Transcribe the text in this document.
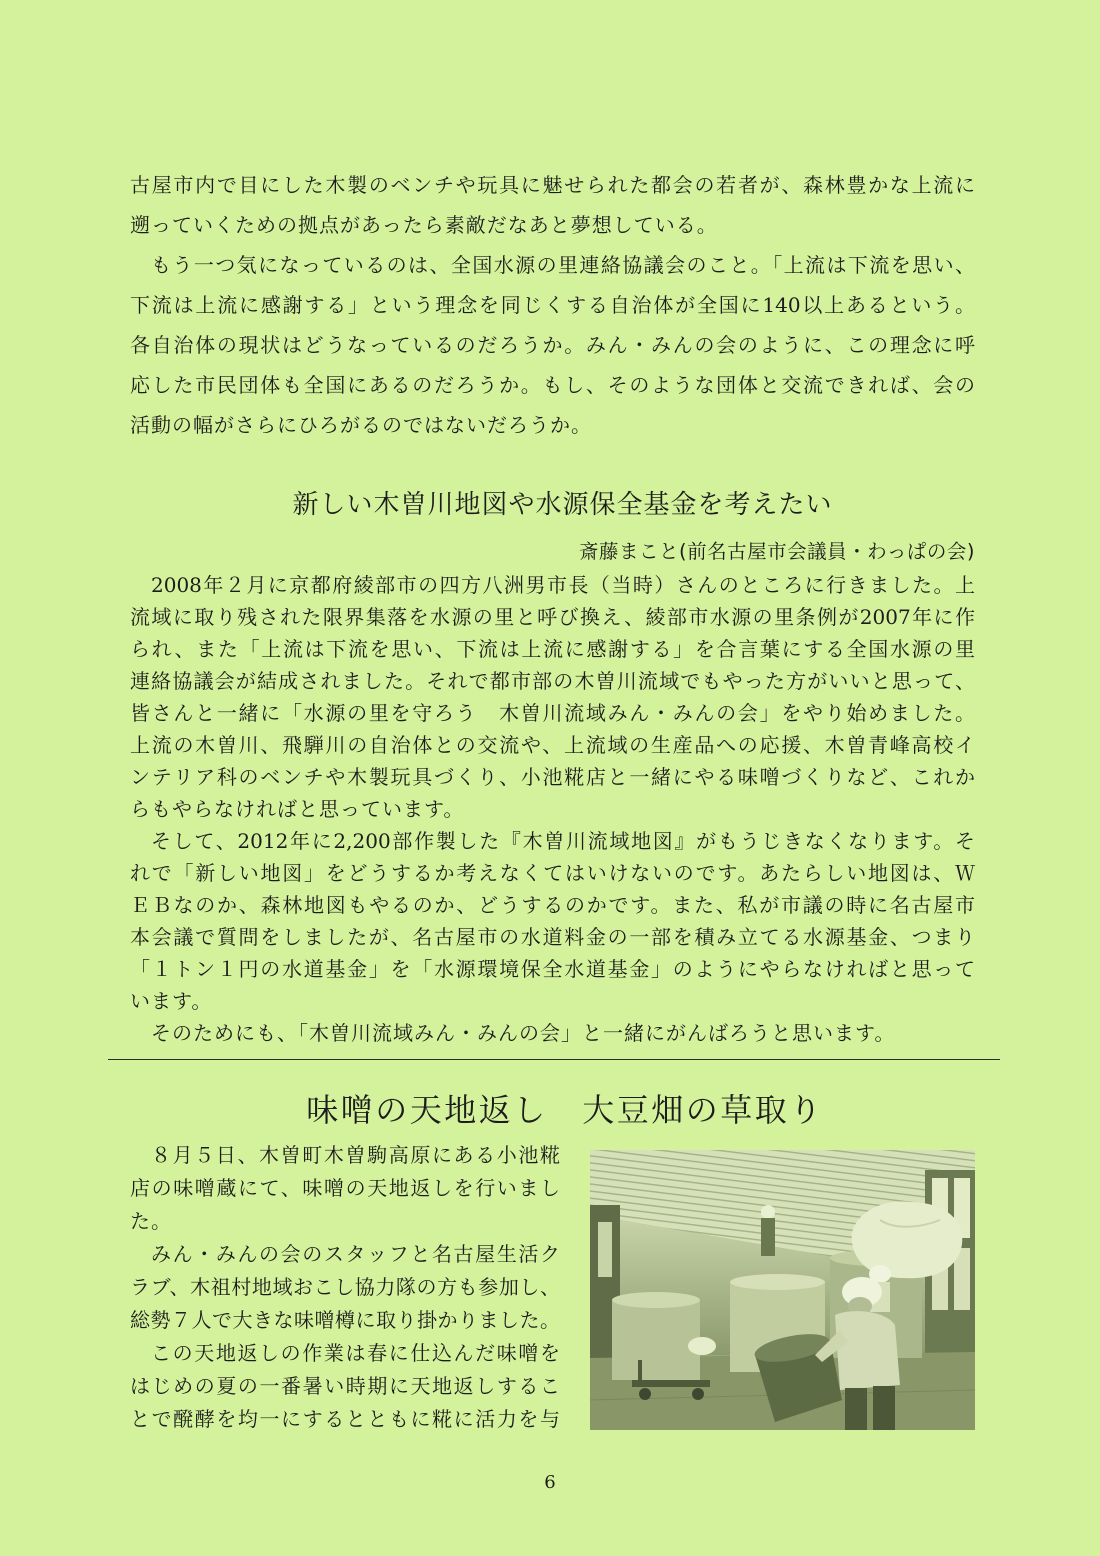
古屋市内で目にした木製のベンチや玩具に魅せられた都会の若者が、森林豊かな上流に
遡っていくための拠点があったら素敵だなあと夢想している。
もう一つ気になっているのは、全国水源の里連絡協議会のこと。「上流は下流を思い、
下流は上流に感謝する」という理念を同じくする自治体が全国に140以上あるという。
各自治体の現状はどうなっているのだろうか。みん・みんの会のように、この理念に呼
応した市民団体も全国にあるのだろうか。もし、そのような団体と交流できれば、会の
活動の幅がさらにひろがるのではないだろうか。
新しい木曽川地図や水源保全基金を考えたい
斎藤まこと(前名古屋市会議員・わっぱの会)
2008年２月に京都府綾部市の四方八洲男市長（当時）さんのところに行きました。上
流域に取り残された限界集落を水源の里と呼び換え、綾部市水源の里条例が2007年に作
られ、また「上流は下流を思い、下流は上流に感謝する」を合言葉にする全国水源の里
連絡協議会が結成されました。それで都市部の木曽川流域でもやった方がいいと思って、
皆さんと一緒に「水源の里を守ろう　木曽川流域みん・みんの会」をやり始めました。
上流の木曽川、飛騨川の自治体との交流や、上流域の生産品への応援、木曽青峰高校イ
ンテリア科のベンチや木製玩具づくり、小池糀店と一緒にやる味噌づくりなど、これか
らもやらなければと思っています。
そして、2012年に2,200部作製した『木曽川流域地図』がもうじきなくなります。そ
れで「新しい地図」をどうするか考えなくてはいけないのです。あたらしい地図は、Ｗ
ＥＢなのか、森林地図もやるのか、どうするのかです。また、私が市議の時に名古屋市
本会議で質問をしましたが、名古屋市の水道料金の一部を積み立てる水源基金、つまり
「１トン１円の水道基金」を「水源環境保全水道基金」のようにやらなければと思って
います。
そのためにも、「木曽川流域みん・みんの会」と一緒にがんばろうと思います。
味噌の天地返し　大豆畑の草取り
８月５日、木曽町木曽駒高原にある小池糀
店の味噌蔵にて、味噌の天地返しを行いまし
た。
みん・みんの会のスタッフと名古屋生活ク
ラブ、木祖村地域おこし協力隊の方も参加し、
総勢７人で大きな味噌樽に取り掛かりました。
この天地返しの作業は春に仕込んだ味噌を
はじめの夏の一番暑い時期に天地返しするこ
とで醗酵を均一にするとともに糀に活力を与
6
